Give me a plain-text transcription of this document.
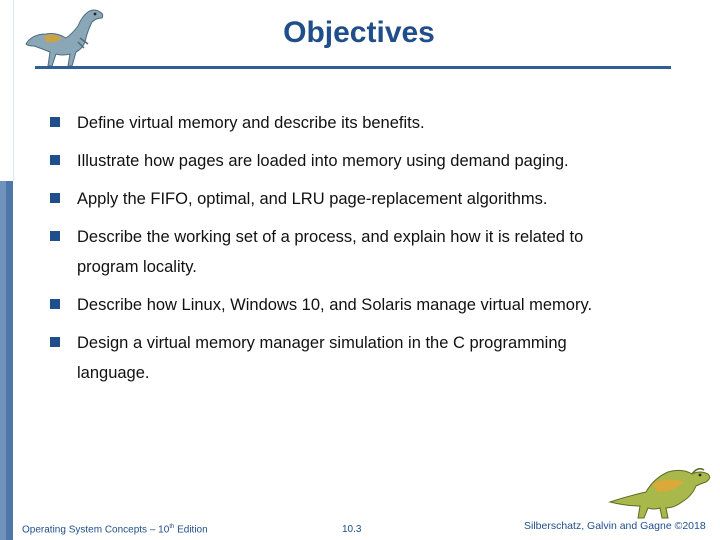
Objectives
Define virtual memory and describe its benefits.
Illustrate how pages are loaded into memory using demand paging.
Apply the FIFO, optimal, and LRU page-replacement algorithms.
Describe the working set of a process, and explain how it is related to program locality.
Describe how Linux, Windows 10, and Solaris manage virtual memory.
Design a virtual memory manager simulation in the C programming language.
Operating System Concepts – 10th Edition	10.3	Silberschatz, Galvin and Gagne ©2018
